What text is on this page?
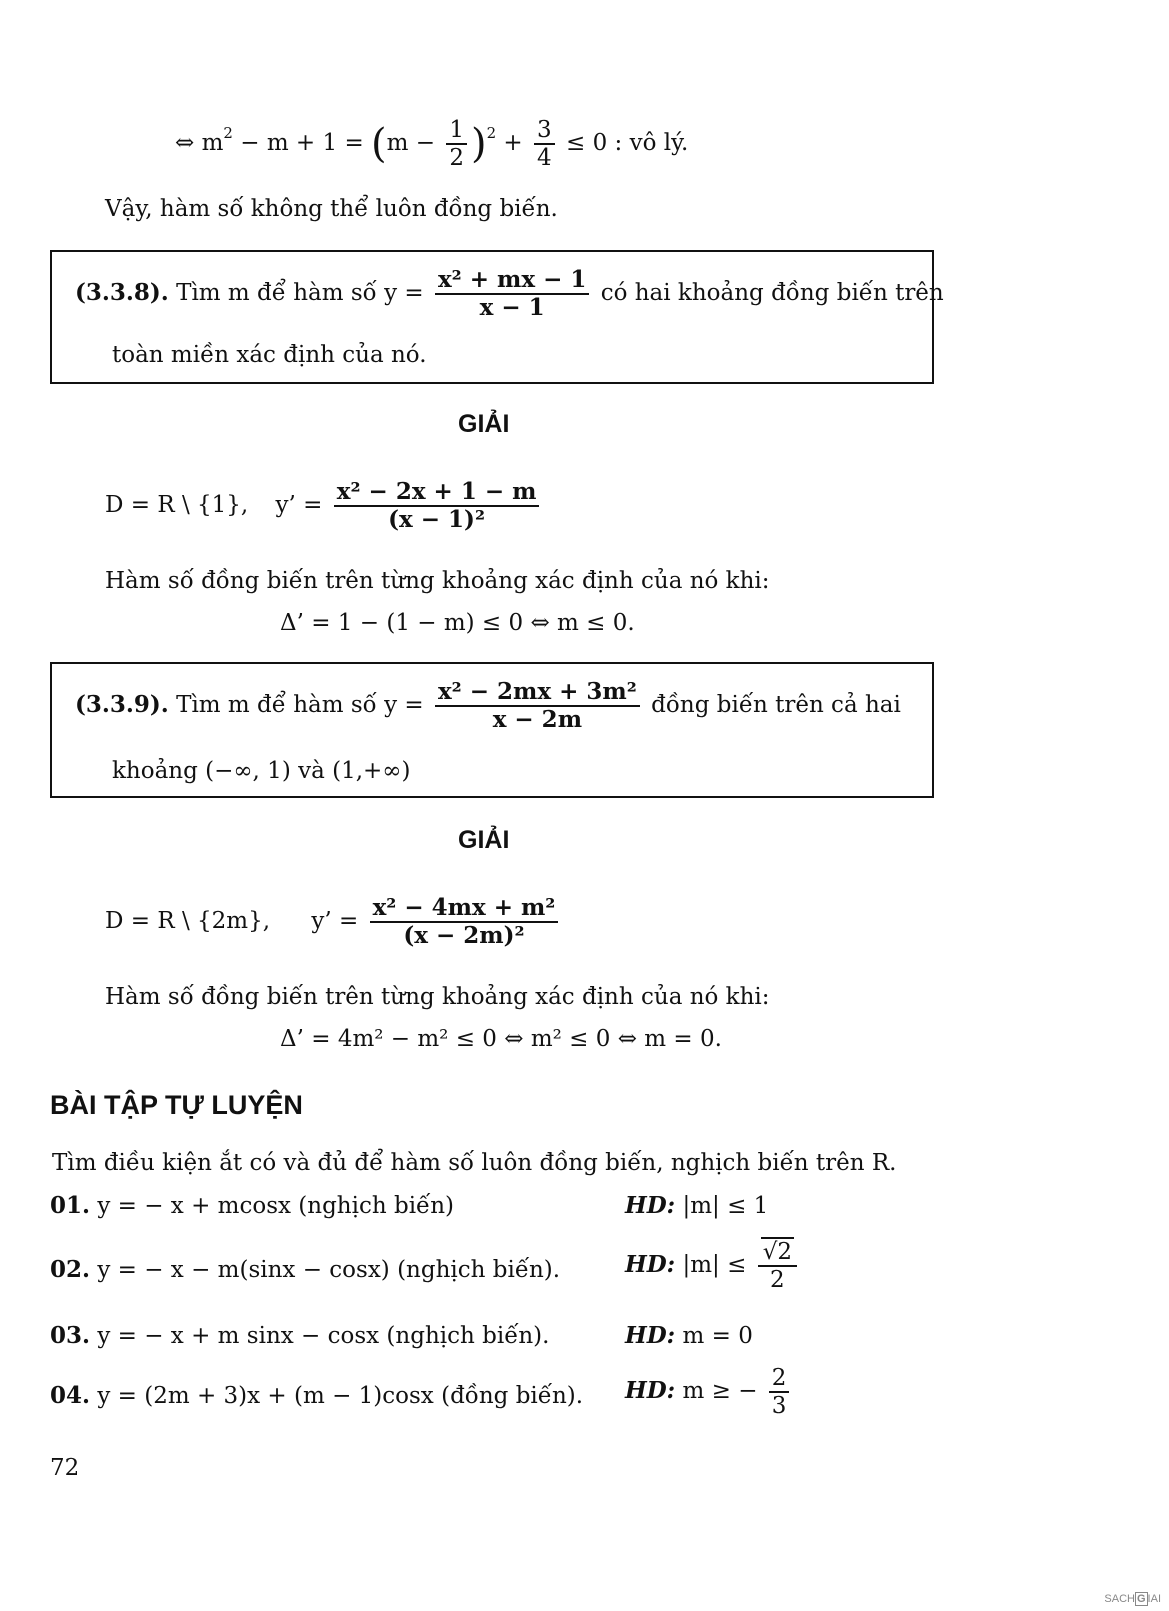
⇔ $m^2 - m + 1 = (m - \frac{1}{2} )^2 + \frac{3}{4} \le 0$ : vô lý.
Vậy, hàm số không thể luôn đồng biến.
(3.3.8). Tìm m để hàm số $y = \frac{\text{x² + mx − 1}}{x - 1}$ có hai khoảng đồng biến trên
toàn miền xác định của nó.
GIẢI
D = R \ {1}, y’ = $\frac{\text{x² − 2x + 1 − m}}{\text{(x − 1)²}}$
Hàm số đồng biến trên từng khoảng xác định của nó khi:
Δ’ = 1 − (1 − m) ≤ 0 ⇔ m ≤ 0.
(3.3.9). Tìm m để hàm số $y = \frac{\text{x² − 2mx + 3m²}}{x - 2m}$ đồng biến trên cả hai
khoảng (−∞, 1) và (1,+∞)
GIẢI
D = R \ {2m}, y’ = $\frac{\text{x² − 4mx + m²}}{\text{(x − 2m)²}}$
Hàm số đồng biến trên từng khoảng xác định của nó khi:
Δ’ = 4m² − m² ≤ 0 ⇔ m² ≤ 0 ⇔ m = 0.
BÀI TẬP TỰ LUYỆN
Tìm điều kiện ắt có và đủ để hàm số luôn đồng biến, nghịch biến trên R.
01. y = − x + mcosx (nghịch biến)	HD: |m| ≤ 1
02. y = − x − m(sinx − cosx) (nghịch biến).	HD: $|m| \le \frac{√2}{2}$
03. y = − x + m sinx − cosx (nghịch biến).	HD: m = 0
04. y = (2m + 3)x + (m − 1)cosx (đồng biến). HD: m ≥ − $\frac{2}{3}$
72
SACH G IAI
